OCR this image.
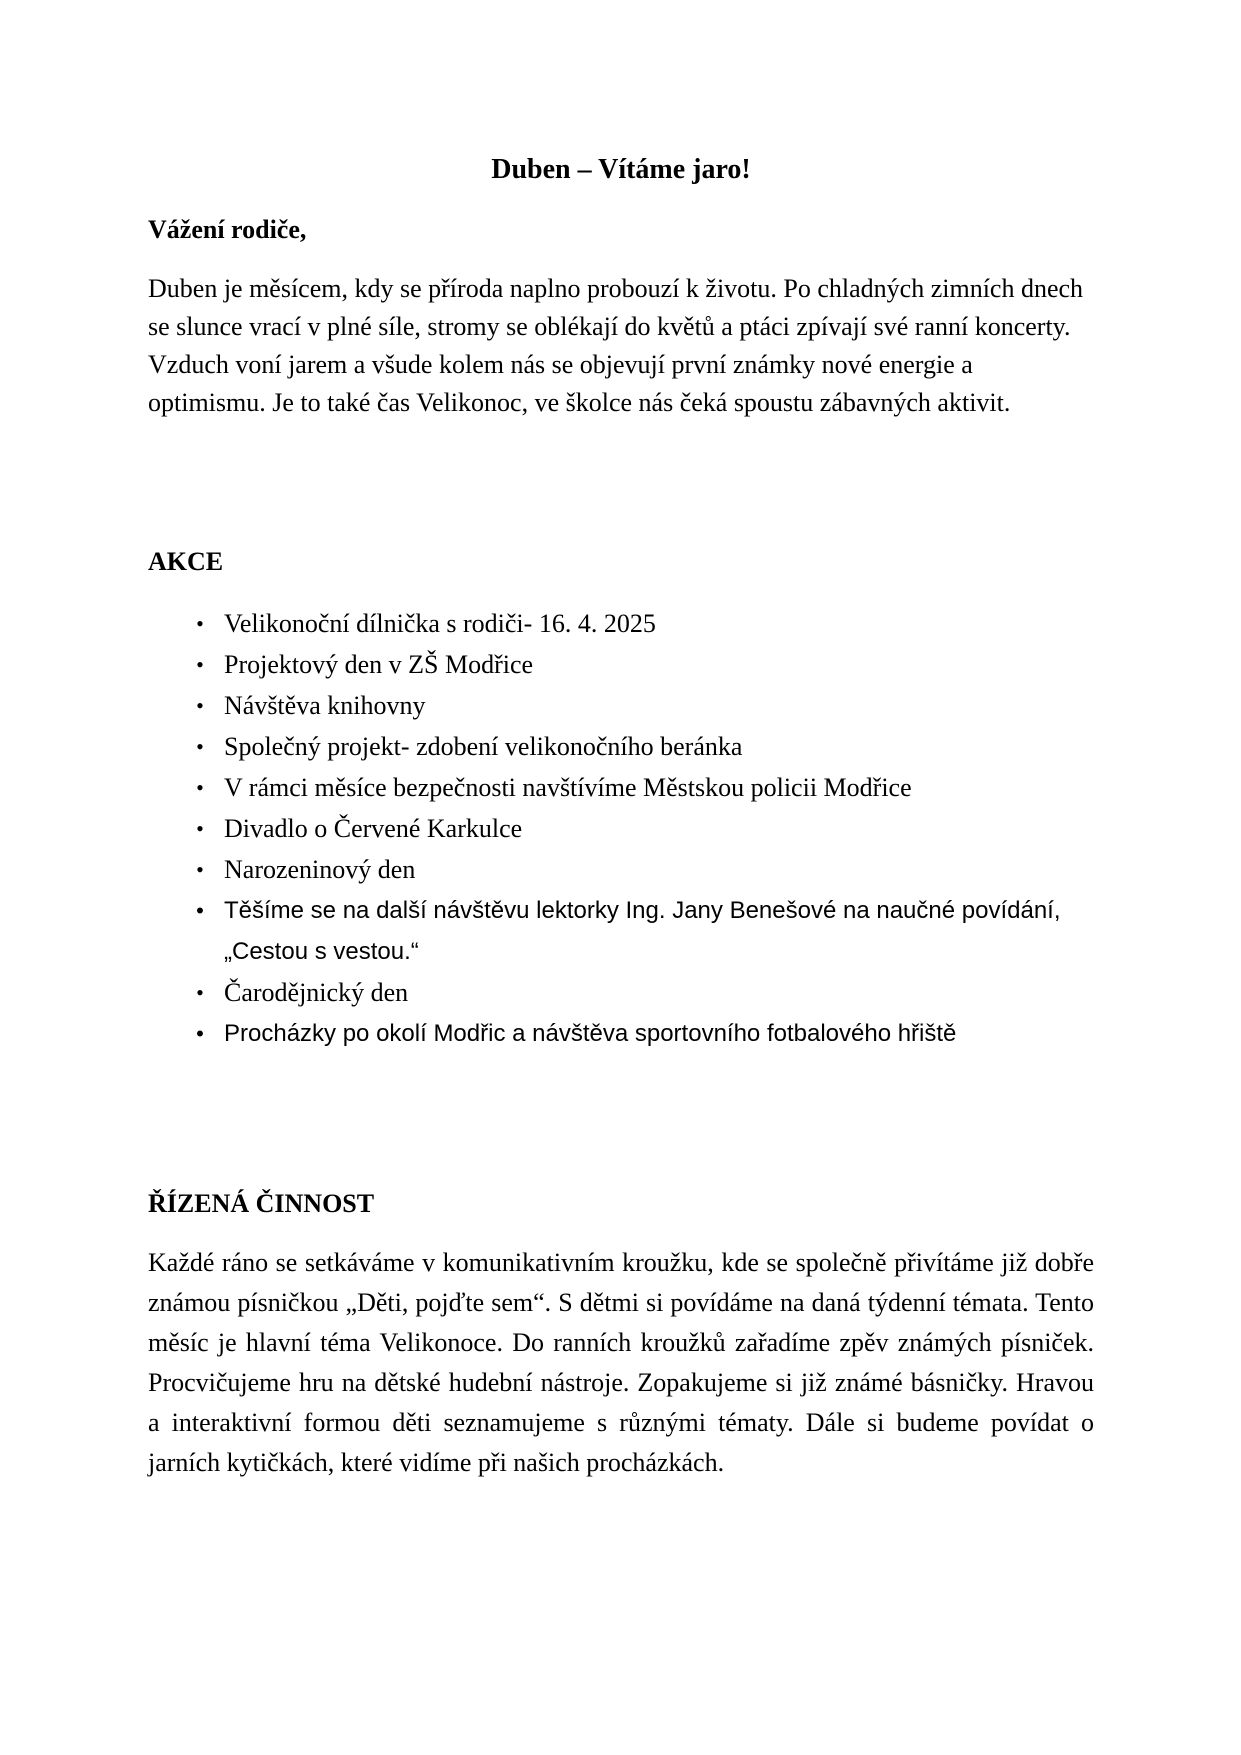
Duben – Vítáme jaro!
Vážení rodiče,

Duben je měsícem, kdy se příroda naplno probouzí k životu. Po chladných zimních dnech se slunce vrací v plné síle, stromy se oblékají do květů a ptáci zpívají své ranní koncerty. Vzduch voní jarem a všude kolem nás se objevují první známky nové energie a optimismu. Je to také čas Velikonoc, ve školce nás čeká spoustu zábavných aktivit.

AKCE
• Velikonoční dílnička s rodiči- 16. 4. 2025
• Projektový den v ZŠ Modřice
• Návštěva knihovny
• Společný projekt- zdobení velikonočního beránka
• V rámci měsíce bezpečnosti navštívíme Městskou policii Modřice
• Divadlo o Červené Karkulce
• Narozeninový den
• Těšíme se na další návštěvu lektorky Ing. Jany Benešové na naučné povídání, „Cestou s vestou.“
• Čarodějnický den
• Procházky po okolí Modřic a návštěva sportovního fotbalového hřiště
ŘÍZENÁ ČINNOST

Každé ráno se setkáváme v komunikativním kroužku, kde se společně přivítáme již dobře známou písničkou „Děti, pojďte sem“. S dětmi si povídáme na daná týdenní témata. Tento měsíc je hlavní téma Velikonoce. Do ranních kroužků zařadíme zpěv známých písniček. Procvičujeme hru na dětské hudební nástroje. Zopakujeme si již známé básničky. Hravou a interaktivní formou děti seznamujeme s různými tématy. Dále si budeme povídat o jarních kytičkách, které vidíme při našich procházkách.
